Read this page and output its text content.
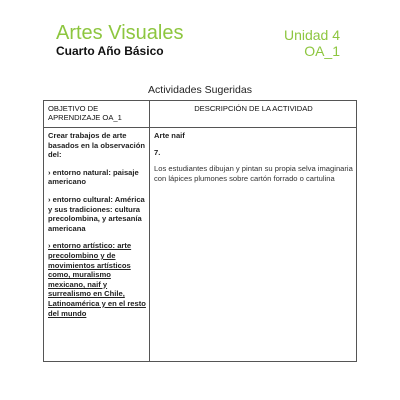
Artes Visuales
Cuarto Año Básico
Unidad 4
OA_1
Actividades Sugeridas
OBJETIVO DE APRENDIZAJE OA_1
DESCRIPCIÓN DE LA ACTIVIDAD

Crear trabajos de arte basados en la observación del:

› entorno natural: paisaje americano

› entorno cultural: América y sus tradiciones: cultura precolombina, y artesanía americana

› entorno artístico: arte precolombino y de movimientos artísticos como, muralismo mexicano, naif y surrealismo en Chile, Latinoamérica y en el resto del mundo

Arte naif
7.
Los estudiantes dibujan y pintan su propia selva imaginaria con lápices plumones sobre cartón forrado o cartulina
